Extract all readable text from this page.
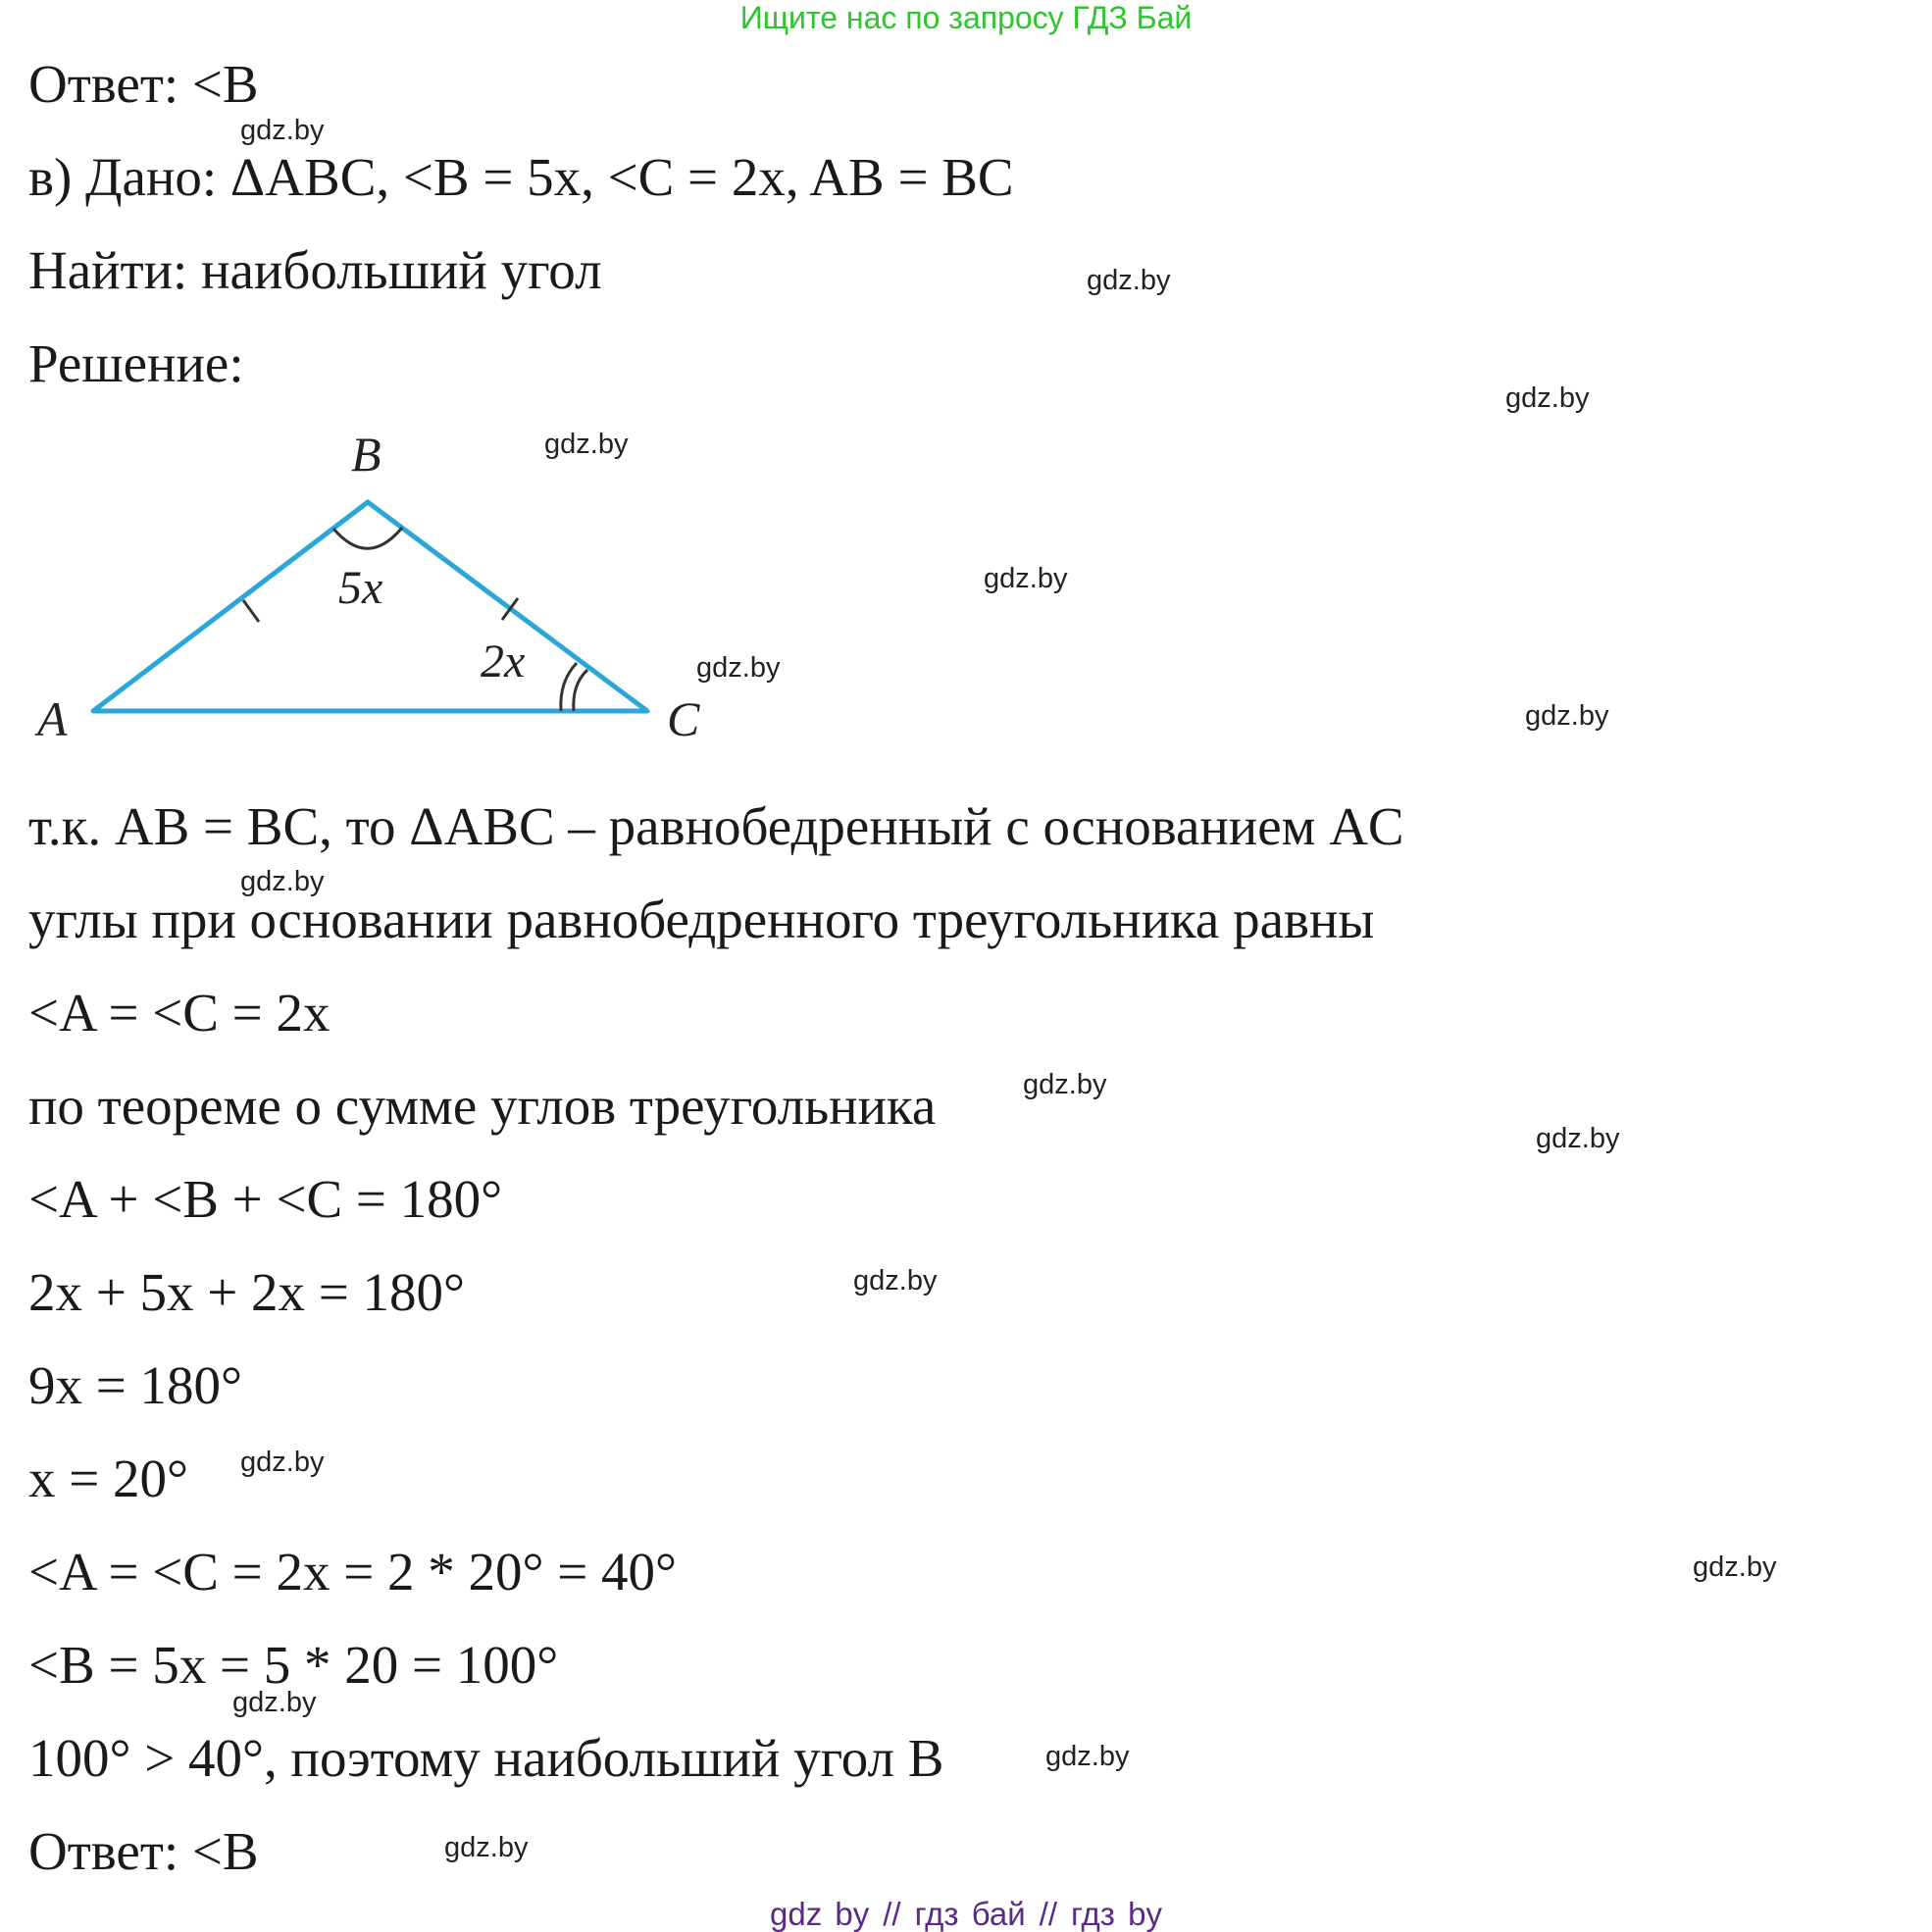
Ищите нас по запросу ГДЗ Бай
Ответ: <B
в) Дано: ΔABC, <B = 5x, <C = 2x, AB = BC
Найти: наибольший угол
Решение:
т.к. AB = BC, то ΔABC – равнобедренный с основанием AC
углы при основании равнобедренного треугольника равны
<A = <C = 2x
по теореме о сумме углов треугольника
<A + <B + <C = 180°
2x + 5x + 2x = 180°
9x = 180°
x = 20°
<A = <C = 2x = 2 * 20° = 40°
<B = 5x = 5 * 20 = 100°
100° > 40°, поэтому наибольший угол B
Ответ: <B
B
5x
2x
A	C
gdz.by
gdz.by
gdz.by
gdz.by
gdz.by
gdz.by
gdz.by
gdz.by
gdz.by
gdz.by
gdz.by
gdz.by
gdz.by
gdz.by
gdz.by
gdz.by
gdz by // гдз бай // гдз by
